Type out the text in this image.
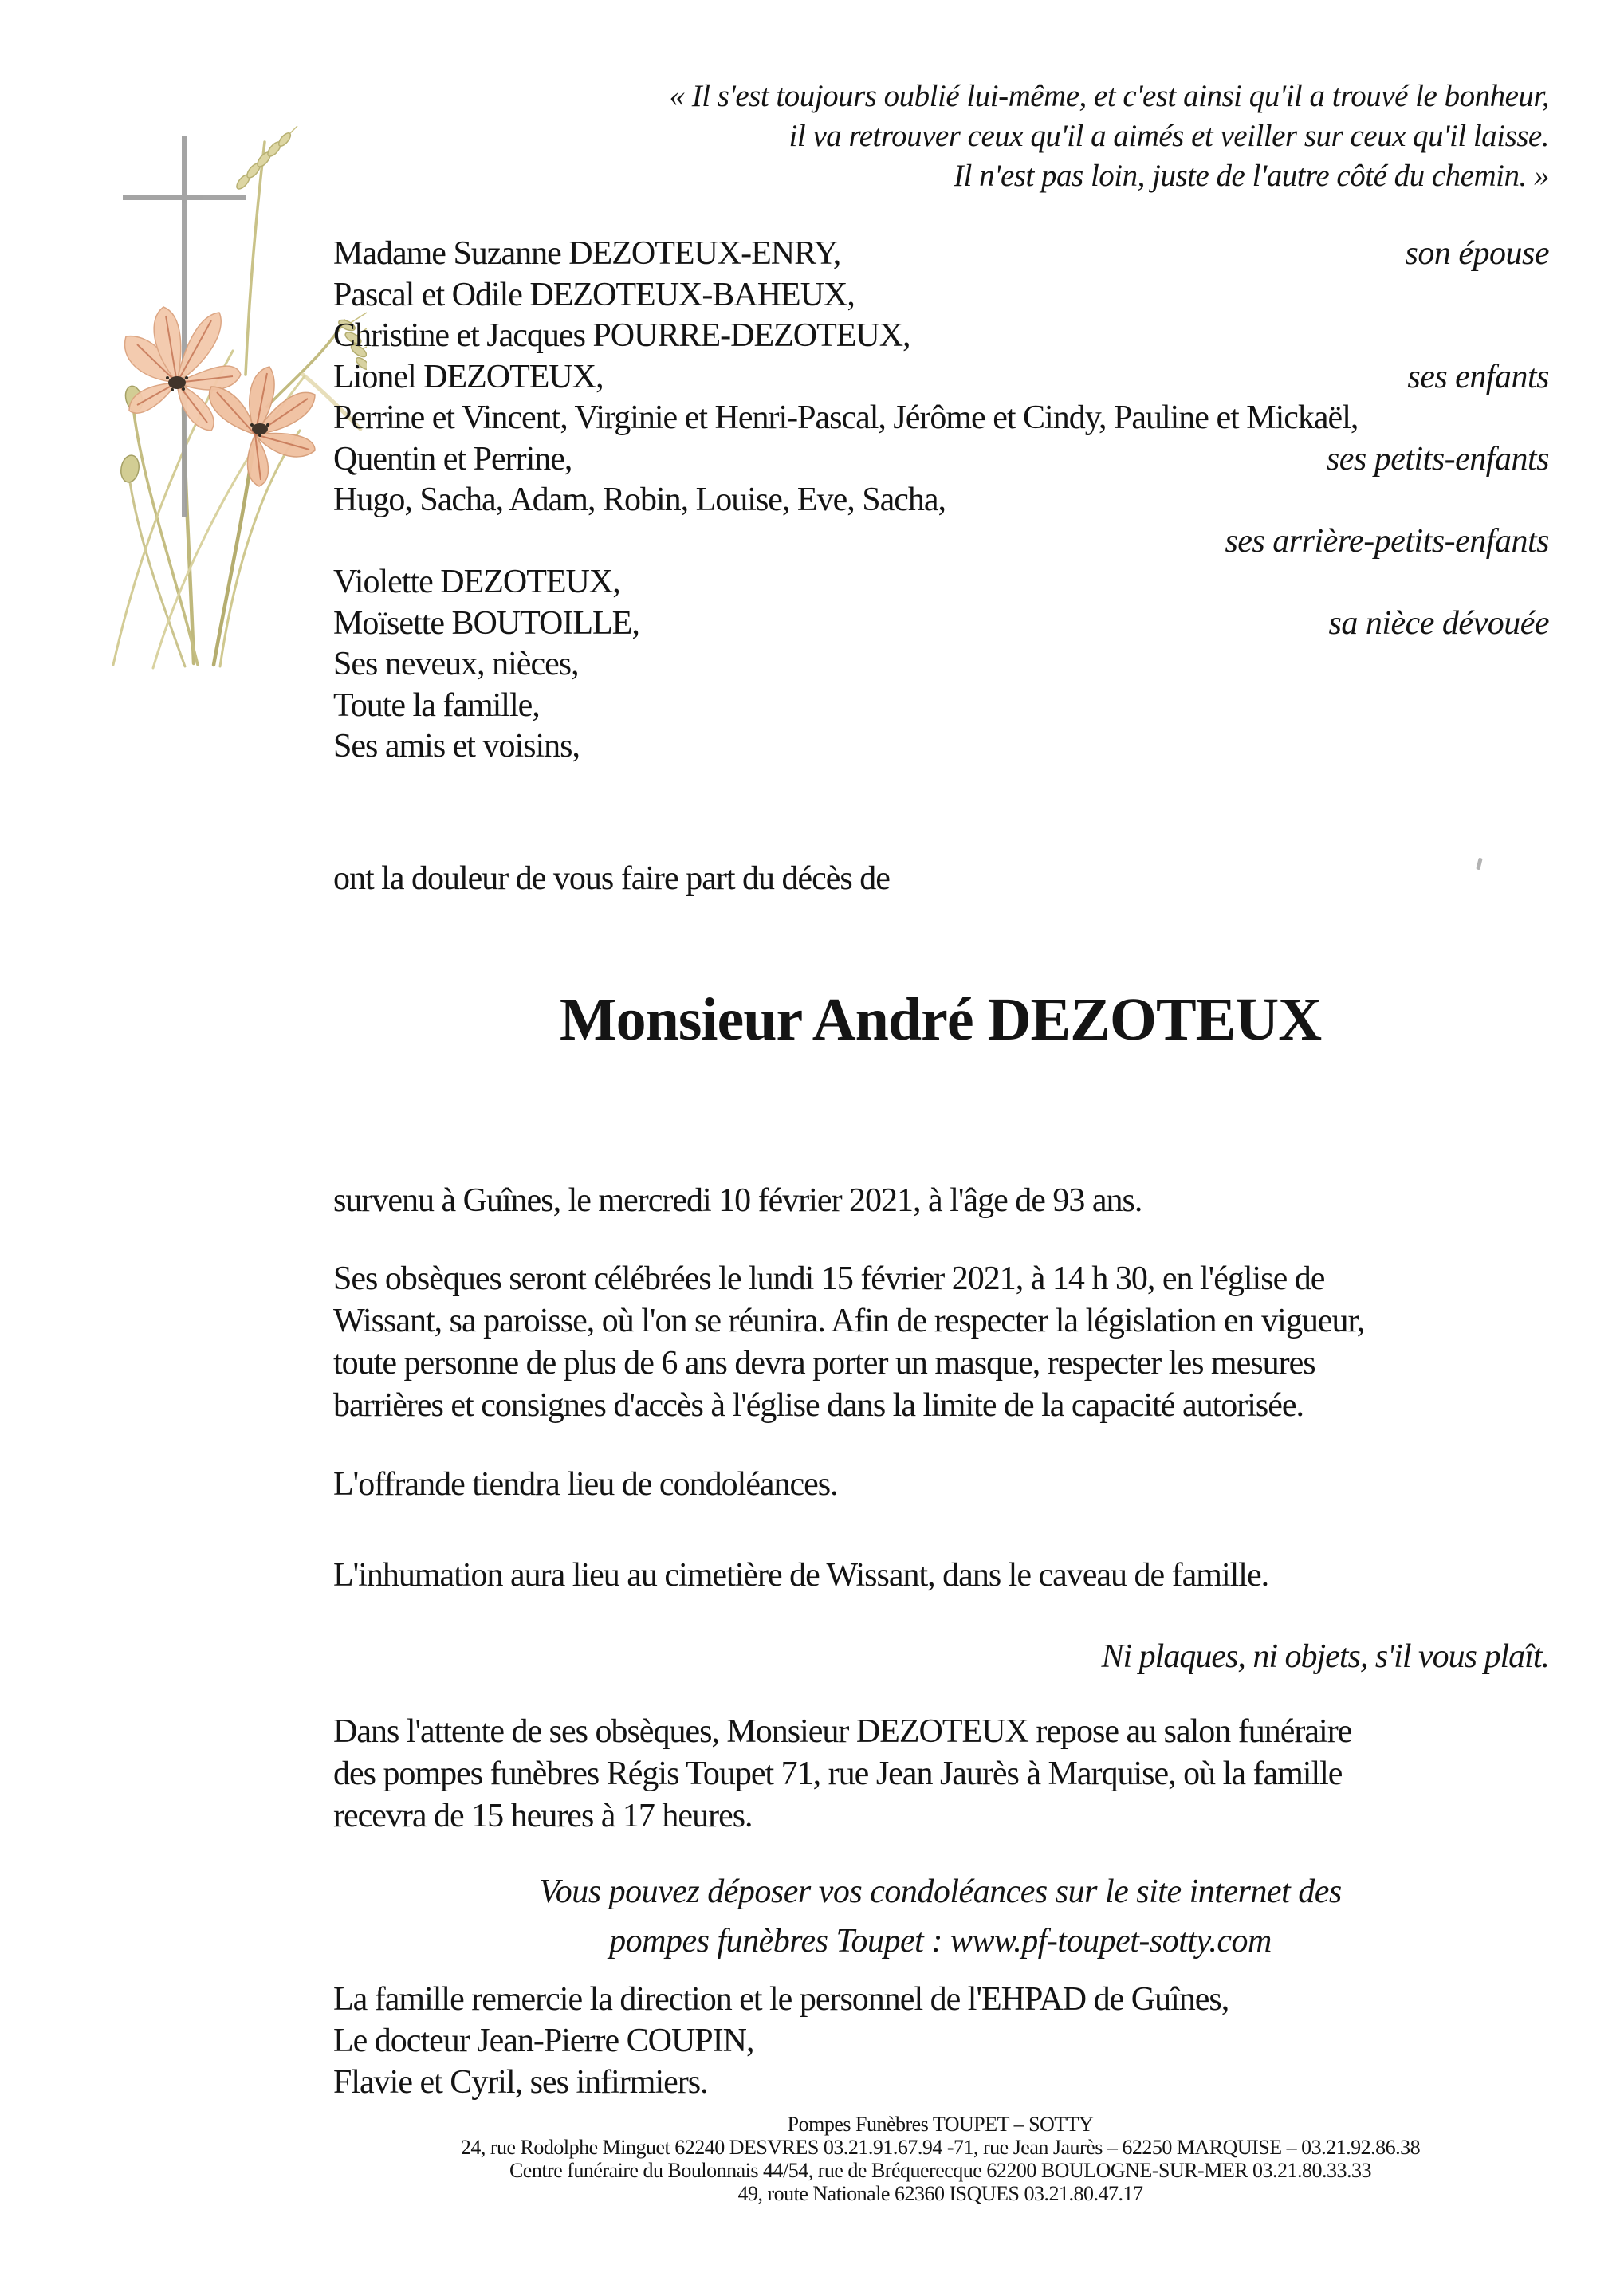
« Il s'est toujours oublié lui-même, et c'est ainsi qu'il a trouvé le bonheur,
il va retrouver ceux qu'il a aimés et veiller sur ceux qu'il laisse.
Il n'est pas loin, juste de l'autre côté du chemin. »
Madame Suzanne DEZOTEUX-ENRY,	son épouse
Pascal et Odile DEZOTEUX-BAHEUX,
Christine et Jacques POURRE-DEZOTEUX,
Lionel DEZOTEUX,	ses enfants
Perrine et Vincent, Virginie et Henri-Pascal, Jérôme et Cindy, Pauline et Mickaël,
Quentin et Perrine,	ses petits-enfants
Hugo, Sacha, Adam, Robin, Louise, Eve, Sacha,
ses arrière-petits-enfants
Violette DEZOTEUX,
Moïsette BOUTOILLE,	sa nièce dévouée
Ses neveux, nièces,
Toute la famille,
Ses amis et voisins,
ont la douleur de vous faire part du décès de
Monsieur André DEZOTEUX
survenu à Guînes, le mercredi 10 février 2021, à l'âge de 93 ans.
Ses obsèques seront célébrées le lundi 15 février 2021, à 14 h 30, en l'église de
Wissant, sa paroisse, où l'on se réunira. Afin de respecter la législation en vigueur,
toute personne de plus de 6 ans devra porter un masque, respecter les mesures
barrières et consignes d'accès à l'église dans la limite de la capacité autorisée.
L'offrande tiendra lieu de condoléances.
L'inhumation aura lieu au cimetière de Wissant, dans le caveau de famille.
Ni plaques, ni objets, s'il vous plaît.
Dans l'attente de ses obsèques, Monsieur DEZOTEUX repose au salon funéraire
des pompes funèbres Régis Toupet 71, rue Jean Jaurès à Marquise, où la famille
recevra de 15 heures à 17 heures.
Vous pouvez déposer vos condoléances sur le site internet des
pompes funèbres Toupet : www.pf-toupet-sotty.com
La famille remercie la direction et le personnel de l'EHPAD de Guînes,
Le docteur Jean-Pierre COUPIN,
Flavie et Cyril, ses infirmiers.
Pompes Funèbres TOUPET – SOTTY
24, rue Rodolphe Minguet 62240 DESVRES 03.21.91.67.94 -71, rue Jean Jaurès – 62250 MARQUISE – 03.21.92.86.38
Centre funéraire du Boulonnais 44/54, rue de Bréquerecque 62200 BOULOGNE-SUR-MER 03.21.80.33.33
49, route Nationale 62360 ISQUES 03.21.80.47.17
